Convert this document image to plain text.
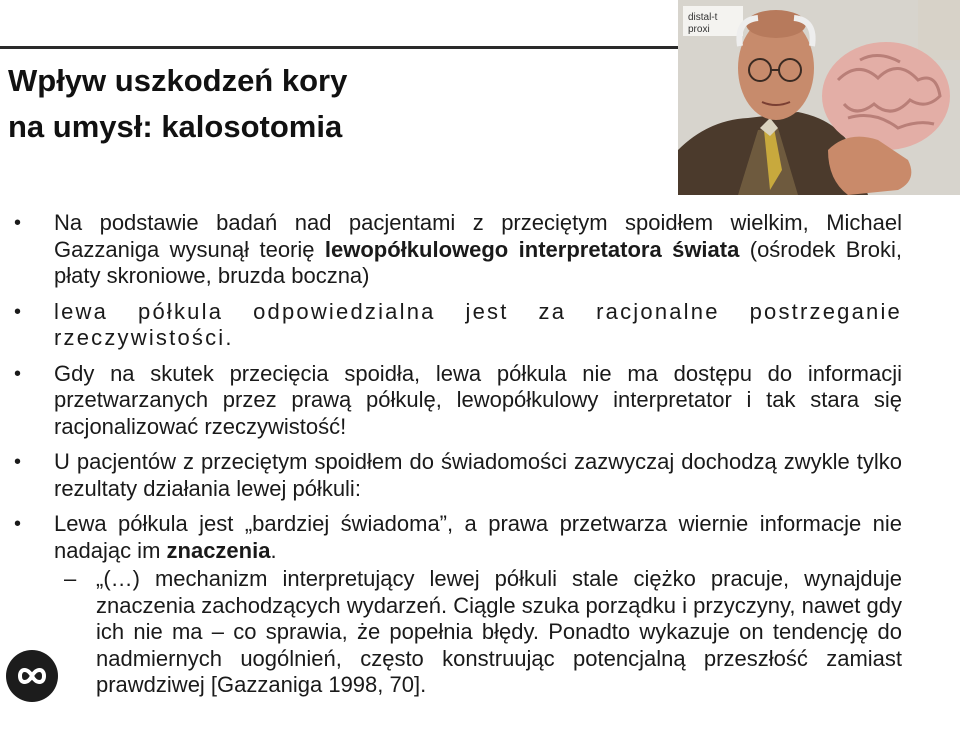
Wpływ uszkodzeń kory
na umysł: kalosotomia
distal-t
proxi
• Na podstawie badań nad pacjentami z przeciętym spoidłem wielkim, Michael Gazzaniga wysunął teorię lewopółkulowego interpretatora świata (ośrodek Broki, płaty skroniowe, bruzda boczna)
• lewa półkula odpowiedzialna jest za racjonalne postrzeganie rzeczywistości.
• Gdy na skutek przecięcia spoidła, lewa półkula nie ma dostępu do informacji przetwarzanych przez prawą półkulę, lewopółkulowy interpretator i tak stara się racjonalizować rzeczywistość!
• U pacjentów z przeciętym spoidłem do świadomości zazwyczaj dochodzą zwykle tylko rezultaty działania lewej półkuli:
• Lewa półkula jest „bardziej świadoma”, a prawa przetwarza wiernie informacje nie nadając im znaczenia.
– „(…) mechanizm interpretujący lewej półkuli stale ciężko pracuje, wynajduje znaczenia zachodzących wydarzeń. Ciągle szuka porządku i przyczyny, nawet gdy ich nie ma – co sprawia, że popełnia błędy. Ponadto wykazuje on tendencję do nadmiernych uogólnień, często konstruując potencjalną przeszłość zamiast prawdziwej [Gazzaniga 1998, 70].
